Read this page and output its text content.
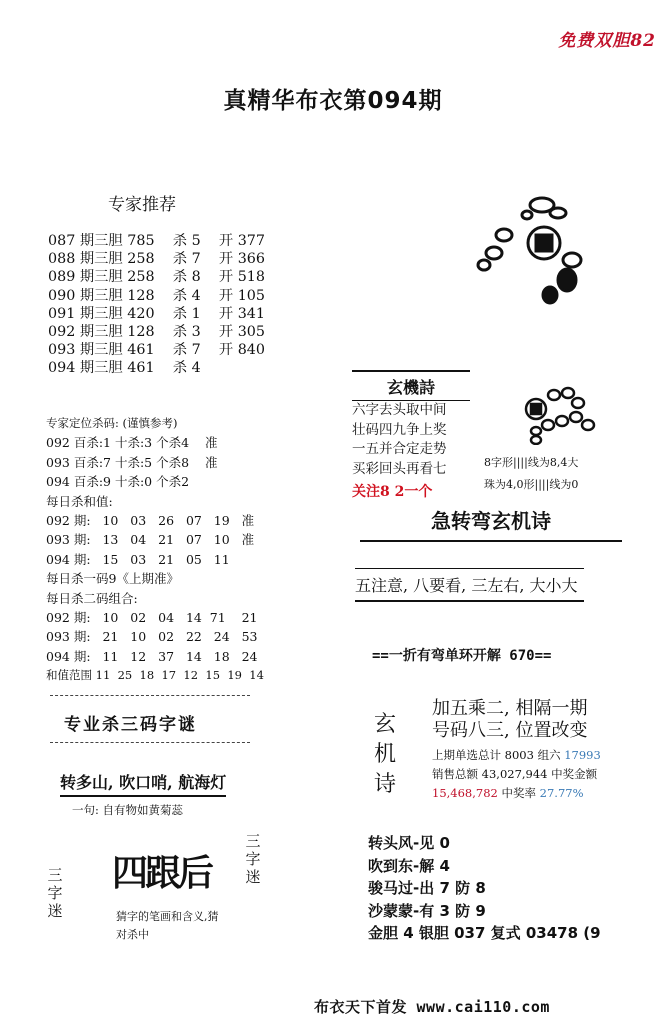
免费双胆82
真精华布衣第094期
专家推荐
087 期三胆 785    杀 5    开 377
088 期三胆 258    杀 7    开 366
089 期三胆 258    杀 8    开 518
090 期三胆 128    杀 4    开 105
091 期三胆 420    杀 1    开 341
092 期三胆 128    杀 3    开 305
093 期三胆 461    杀 7    开 840
094 期三胆 461    杀 4
专家定位杀码: (谨慎参考)
092 百杀:1 十杀:3 个杀4    准
093 百杀:7 十杀:5 个杀8    准
094 百杀:9 十杀:0 个杀2
每日杀和值:
092 期:   10   03   26   07   19   准
093 期:   13   04   21   07   10   准
094 期:   15   03   21   05   11
每日杀一码9《上期准》
每日杀二码组合:
092 期:   10   02   04   14  71    21
093 期:   21   10   02   22   24   53
094 期:   11   12   37   14   18   24
和值范围 11  25  18  17  12  15  19  14
玄機詩
六字去头取中间
壮码四九争上奖
一五并合定走势
买彩回头再看七
关注8 2一个
8字形||||线为8,4大
珠为4,0形||||线为0
急转弯玄机诗
五注意, 八要看, 三左右, 大小大
==一折有弯单环开解 670==
玄
机
诗
加五乘二, 相隔一期
号码八三, 位置改变
上期单选总计 8003 组六 17993
销售总额 43,027,944 中奖金额
15,468,782 中奖率 27.77%
转头风-见 0
吹到东-解 4
骏马过-出 7 防 8
沙蒙蒙-有 3 防 9
金胆 4 银胆 037 复式 03478 (9
专业杀三码字谜
转多山, 吹口哨, 航海灯
一句: 自有物如黄菊蕊
四跟后
三
字
迷
三
字
迷	猜字的笔画和含义,猜
对杀中
布衣天下首发 www.cai110.com
